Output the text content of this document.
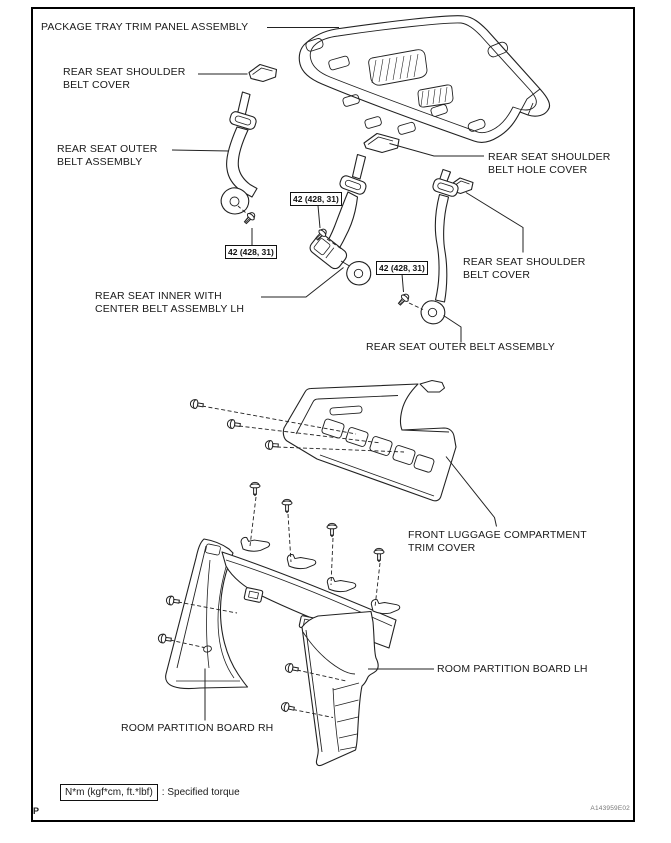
PACKAGE TRAY TRIM PANEL ASSEMBLY
REAR SEAT SHOULDER
BELT COVER
REAR SEAT OUTER
BELT ASSEMBLY	REAR SEAT SHOULDER
BELT HOLE COVER
REAR SEAT SHOULDER
BELT COVER
REAR SEAT INNER WITH
CENTER BELT ASSEMBLY LH
REAR SEAT OUTER BELT ASSEMBLY
FRONT LUGGAGE COMPARTMENT
TRIM COVER
ROOM PARTITION BOARD LH
ROOM PARTITION BOARD RH
42 (428, 31)
42 (428, 31)
42 (428, 31)
N*m (kgf*cm, ft.*lbf) : Specified torque
P	A143959E02
